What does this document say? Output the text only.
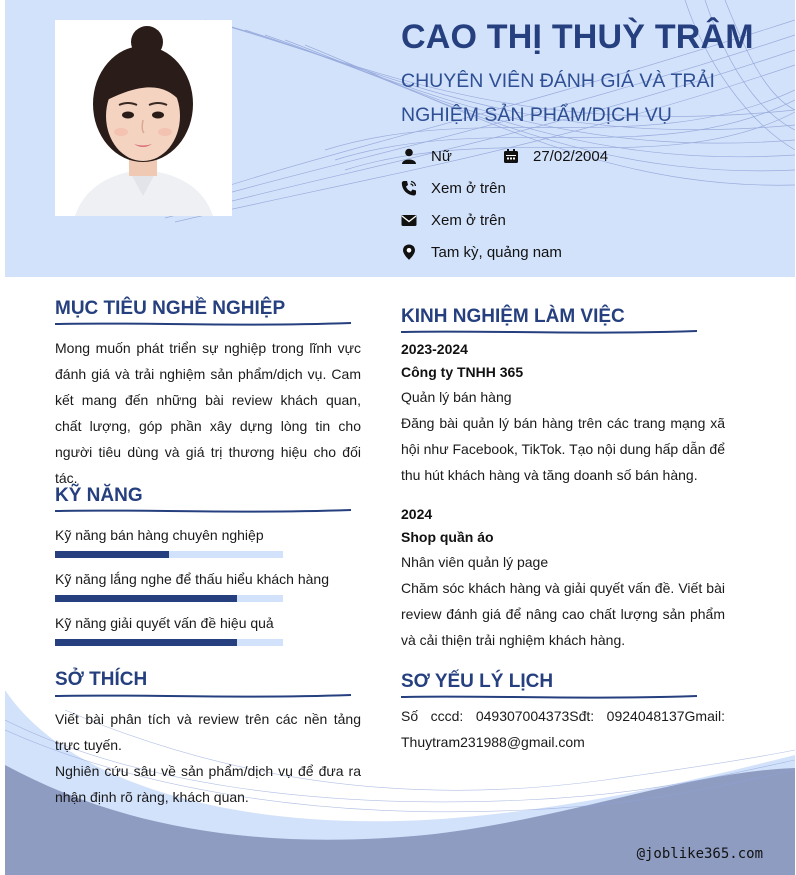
CAO THỊ THUỲ TRÂM
CHUYÊN VIÊN ĐÁNH GIÁ VÀ TRẢI NGHIỆM SẢN PHẨM/DỊCH VỤ
Nữ	27/02/2004
Xem ở trên
Xem ở trên
Tam kỳ, quảng nam
MỤC TIÊU NGHỀ NGHIỆP
Mong muốn phát triển sự nghiệp trong lĩnh vực đánh giá và trải nghiệm sản phẩm/dịch vụ. Cam kết mang đến những bài review khách quan, chất lượng, góp phần xây dựng lòng tin cho người tiêu dùng và giá trị thương hiệu cho đối tác.
KỸ NĂNG
Kỹ năng bán hàng chuyên nghiệp
Kỹ năng lắng nghe để thấu hiểu khách hàng
Kỹ năng giải quyết vấn đề hiệu quả
SỞ THÍCH
Viết bài phân tích và review trên các nền tảng trực tuyến.
Nghiên cứu sâu về sản phẩm/dịch vụ để đưa ra nhận định rõ ràng, khách quan.
KINH NGHIỆM LÀM VIỆC
2023-2024
Công ty TNHH 365
Quản lý bán hàng
Đăng bài quản lý bán hàng trên các trang mạng xã hội như Facebook, TikTok. Tạo nội dung hấp dẫn để thu hút khách hàng và tăng doanh số bán hàng.
2024
Shop quần áo
Nhân viên quản lý page
Chăm sóc khách hàng và giải quyết vấn đề. Viết bài review đánh giá để nâng cao chất lượng sản phẩm và cải thiện trải nghiệm khách hàng.
SƠ YẾU LÝ LỊCH
Số cccd: 049307004373Sđt: 0924048137Gmail: Thuytram231988@gmail.com
@joblike365.com
